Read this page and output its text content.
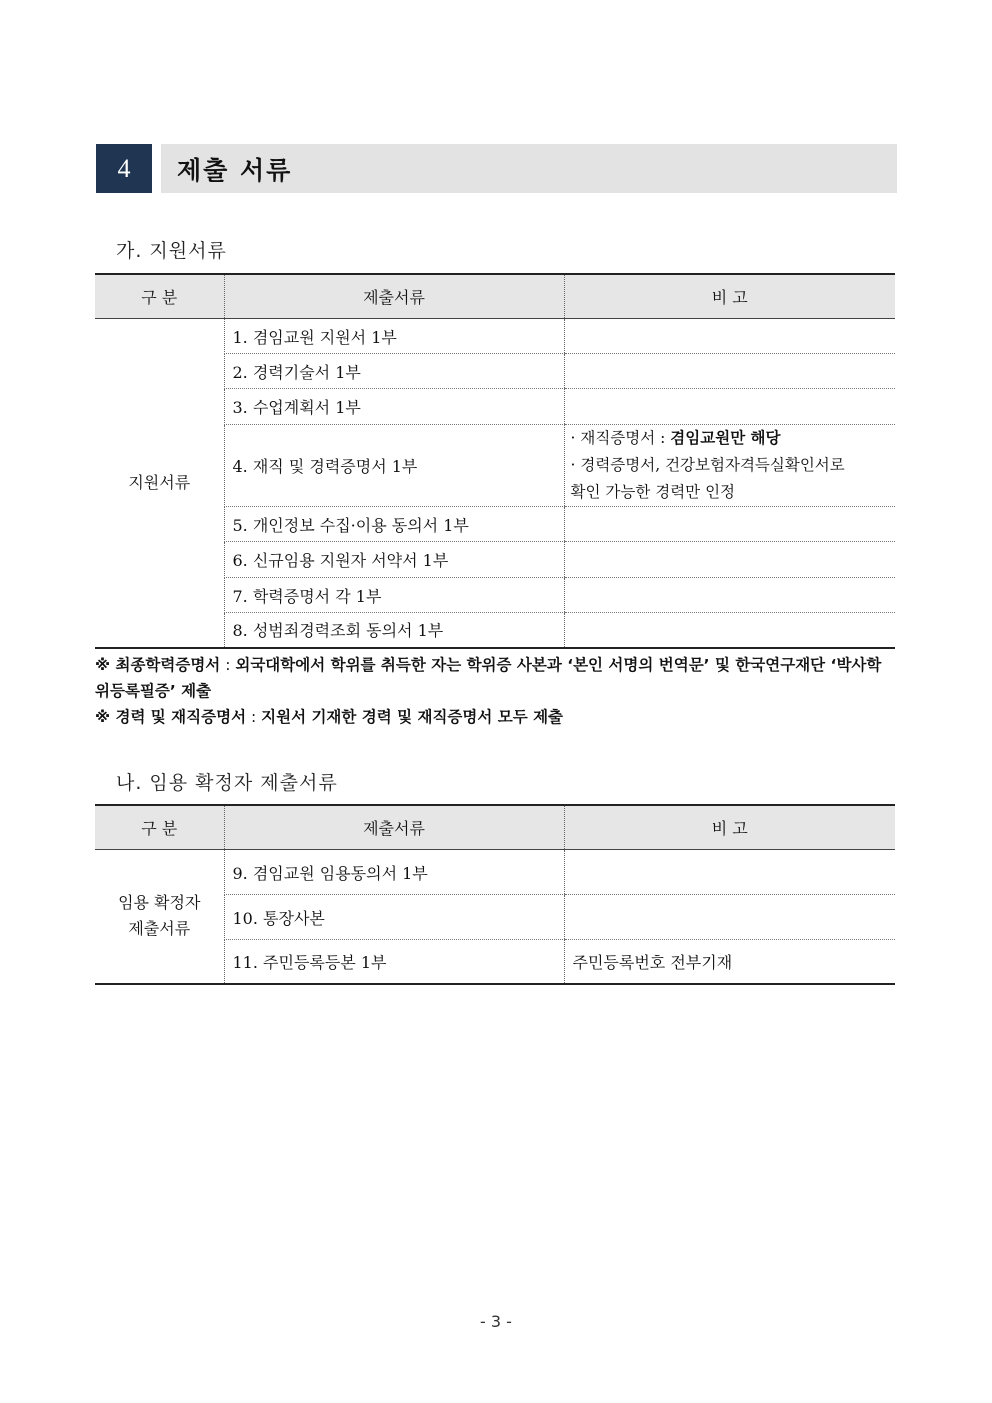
4	제출 서류
가. 지원서류
구 분	제출서류	비 고
지원서류	1. 겸임교원 지원서 1부	
	2. 경력기술서 1부	
	3. 수업계획서 1부	
	4. 재직 및 경력증명서 1부	· 재직증명서 : 겸임교원만 해당
· 경력증명서, 건강보험자격득실확인서로
확인 가능한 경력만 인정

	5. 개인정보 수집·이용 동의서 1부	
	6. 신규임용 지원자 서약서 1부	
	7. 학력증명서 각 1부	
	8. 성범죄경력조회 동의서 1부	

※ 최종학력증명서 : 외국대학에서 학위를 취득한 자는 학위증 사본과 ‘본인 서명의 번역문’ 및 한국연구재단 ‘박사학위등록필증’ 제출

※ 경력 및 재직증명서 : 지원서 기재한 경력 및 재직증명서 모두 제출

나. 임용 확정자 제출서류
구 분	제출서류	비 고

임용 확정자
제출서류	9. 겸임교원 임용동의서 1부	
	10. 통장사본	
	11. 주민등록등본 1부	주민등록번호 전부기재
- 3 -
